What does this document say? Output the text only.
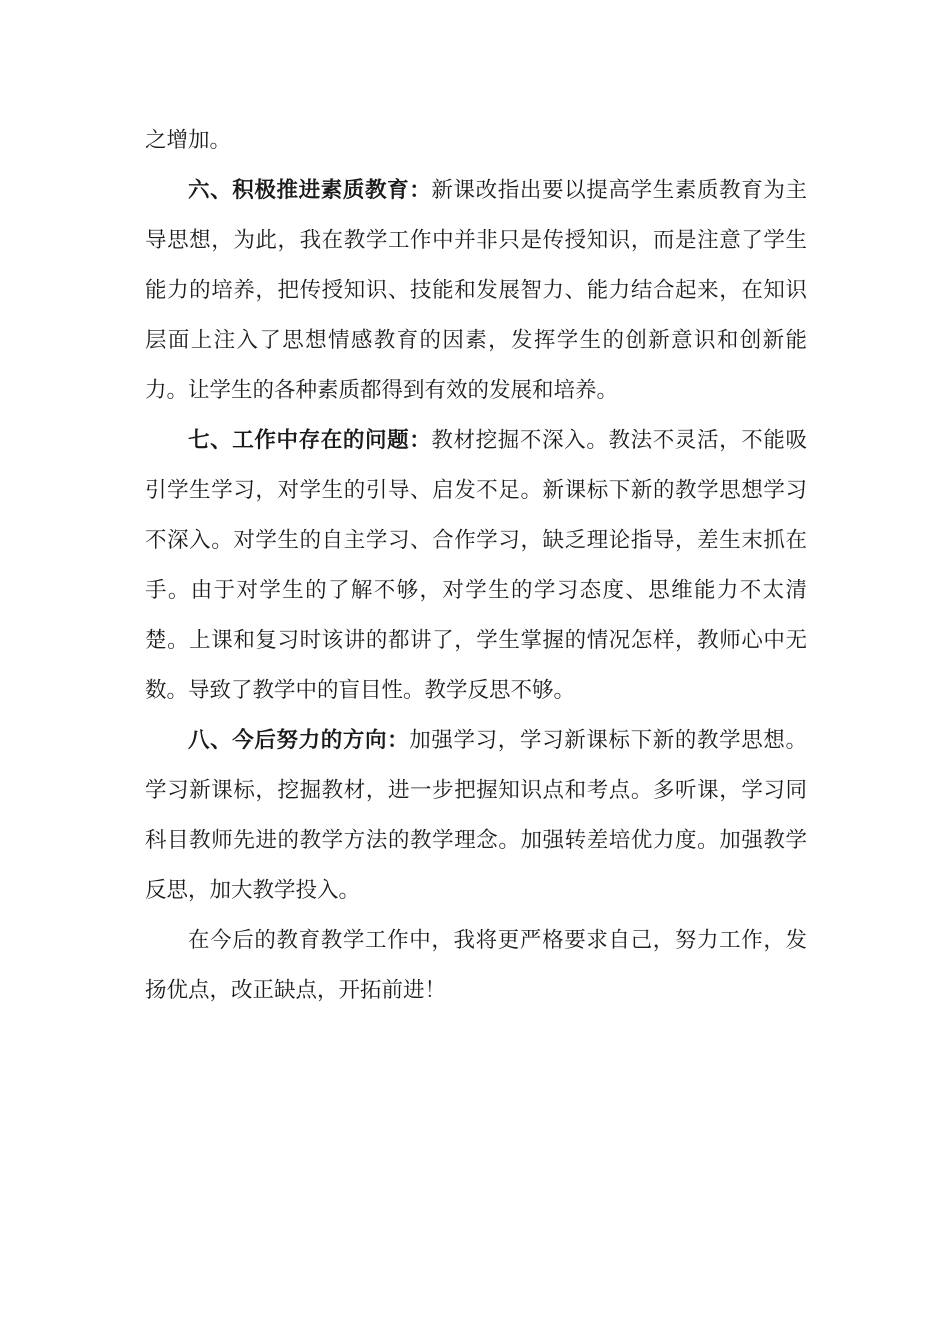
之增加。

六、积极推进素质教育：新课改指出要以提高学生素质教育为主导思想，为此，我在教学工作中并非只是传授知识，而是注意了学生能力的培养，把传授知识、技能和发展智力、能力结合起来，在知识层面上注入了思想情感教育的因素，发挥学生的创新意识和创新能力。让学生的各种素质都得到有效的发展和培养。

七、工作中存在的问题：教材挖掘不深入。教法不灵活，不能吸引学生学习，对学生的引导、启发不足。新课标下新的教学思想学习不深入。对学生的自主学习、合作学习，缺乏理论指导，差生末抓在手。由于对学生的了解不够，对学生的学习态度、思维能力不太清楚。上课和复习时该讲的都讲了，学生掌握的情况怎样，教师心中无数。导致了教学中的盲目性。教学反思不够。

八、今后努力的方向：加强学习，学习新课标下新的教学思想。学习新课标，挖掘教材，进一步把握知识点和考点。多听课，学习同科目教师先进的教学方法的教学理念。加强转差培优力度。加强教学反思，加大教学投入。

在今后的教育教学工作中，我将更严格要求自己，努力工作，发扬优点，改正缺点，开拓前进！
